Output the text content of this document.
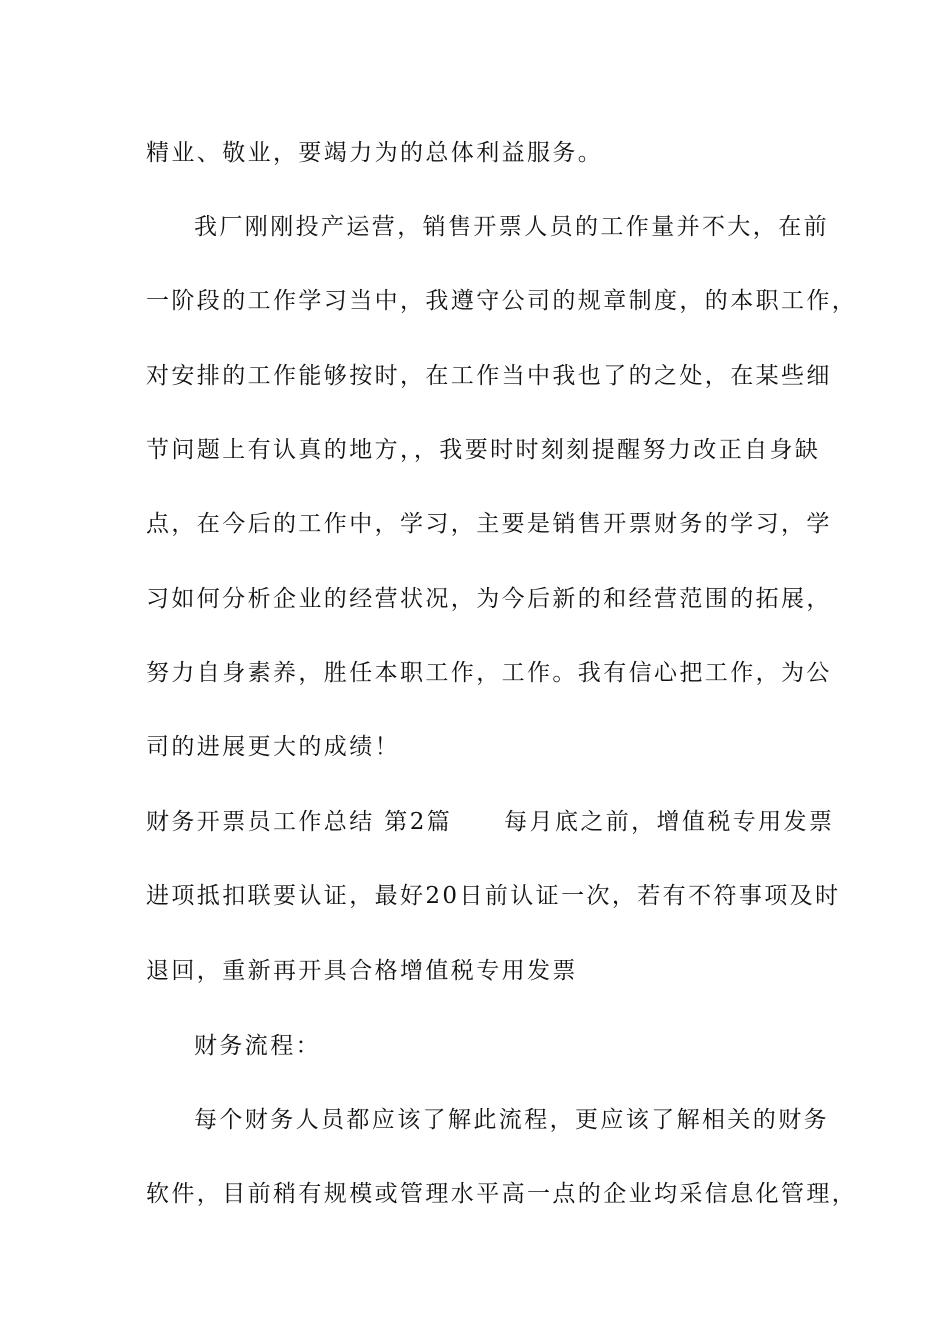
精业、敬业，要竭力为的总体利益服务。
我厂刚刚投产运营，销售开票人员的工作量并不大，在前
一阶段的工作学习当中，我遵守公司的规章制度，的本职工作，
对安排的工作能够按时，在工作当中我也了的之处，在某些细
节问题上有认真的地方，，我要时时刻刻提醒努力改正自身缺
点，在今后的工作中，学习，主要是销售开票财务的学习，学
习如何分析企业的经营状况，为今后新的和经营范围的拓展，
努力自身素养，胜任本职工作，工作。我有信心把工作，为公
司的进展更大的成绩！
财务开票员工作总结 第2篇 每月底之前，增值税专用发票
进项抵扣联要认证，最好20日前认证一次，若有不符事项及时
退回，重新再开具合格增值税专用发票
财务流程：
每个财务人员都应该了解此流程，更应该了解相关的财务
软件，目前稍有规模或管理水平高一点的企业均采信息化管理，
